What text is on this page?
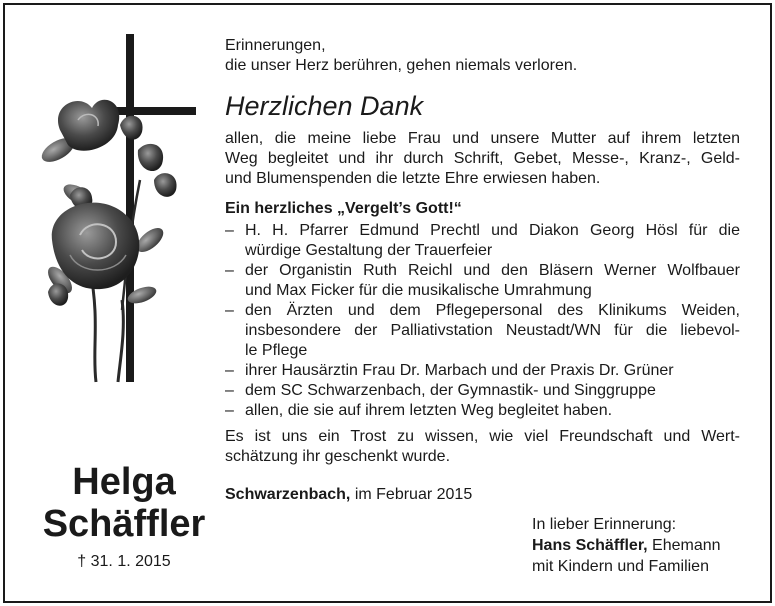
Helga
Schäffler
† 31. 1. 2015
Erinnerungen,
die unser Herz berühren, gehen niemals verloren.
Herzlichen Dank
allen, die meine liebe Frau und unsere Mutter auf ihrem letzten
Weg begleitet und ihr durch Schrift, Gebet, Messe-, Kranz-, Geld-
und Blumenspenden die letzte Ehre erwiesen haben.
Ein herzliches „Vergelt’s Gott!“
– H. H. Pfarrer Edmund Prechtl und Diakon Georg Hösl für die
würdige Gestaltung der Trauerfeier
– der Organistin Ruth Reichl und den Bläsern Werner Wolfbauer
und Max Ficker für die musikalische Umrahmung
– den Ärzten und dem Pflegepersonal des Klinikums Weiden,
insbesondere der Palliativstation Neustadt/WN für die liebevol-
le Pflege
– ihrer Hausärztin Frau Dr. Marbach und der Praxis Dr. Grüner
– dem SC Schwarzenbach, der Gymnastik- und Singgruppe
– allen, die sie auf ihrem letzten Weg begleitet haben.
Es ist uns ein Trost zu wissen, wie viel Freundschaft und Wert-
schätzung ihr geschenkt wurde.
Schwarzenbach, im Februar 2015
In lieber Erinnerung:
Hans Schäffler, Ehemann
mit Kindern und Familien
